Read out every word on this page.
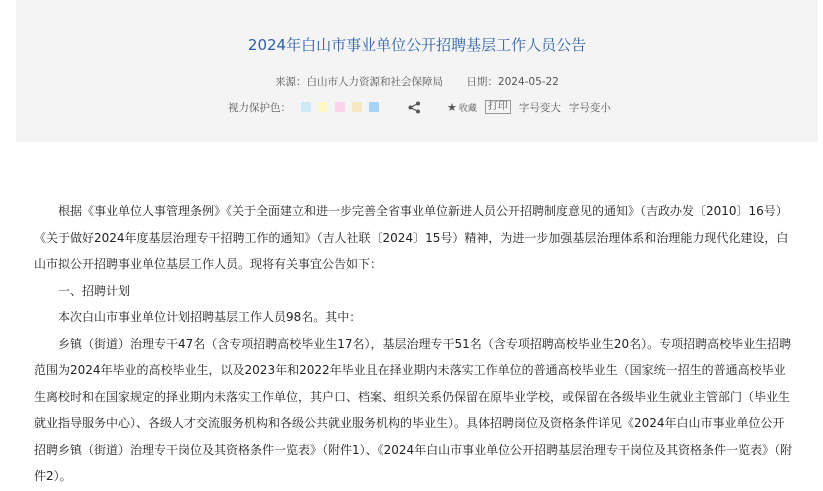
2024年白山市事业单位公开招聘基层工作人员公告
来源：白山市人力资源和社会保障局 日期：2024-05-22
视力保护色：	★ 收藏	打印 字号变大 字号变小

根据《事业单位人事管理条例》《关于全面建立和进一步完善全省事业单位新进人员公开招聘制度意见的通知》（吉政办发〔2010〕16号）《关于做好2024年度基层治理专干招聘工作的通知》（吉人社联〔2024〕15号）精神，为进一步加强基层治理体系和治理能力现代化建设，白山市拟公开招聘事业单位基层工作人员。现将有关事宜公告如下：

一、招聘计划

本次白山市事业单位计划招聘基层工作人员98名。其中：

乡镇（街道）治理专干47名（含专项招聘高校毕业生17名），基层治理专干51名（含专项招聘高校毕业生20名）。专项招聘高校毕业生招聘范围为2024年毕业的高校毕业生，以及2023年和2022年毕业且在择业期内未落实工作单位的普通高校毕业生（国家统一招生的普通高校毕业生离校时和在国家规定的择业期内未落实工作单位，其户口、档案、组织关系仍保留在原毕业学校，或保留在各级毕业生就业主管部门（毕业生就业指导服务中心）、各级人才交流服务机构和各级公共就业服务机构的毕业生）。具体招聘岗位及资格条件详见《2024年白山市事业单位公开招聘乡镇（街道）治理专干岗位及其资格条件一览表》（附件1）、《2024年白山市事业单位公开招聘基层治理专干岗位及其资格条件一览表》（附件2）。
